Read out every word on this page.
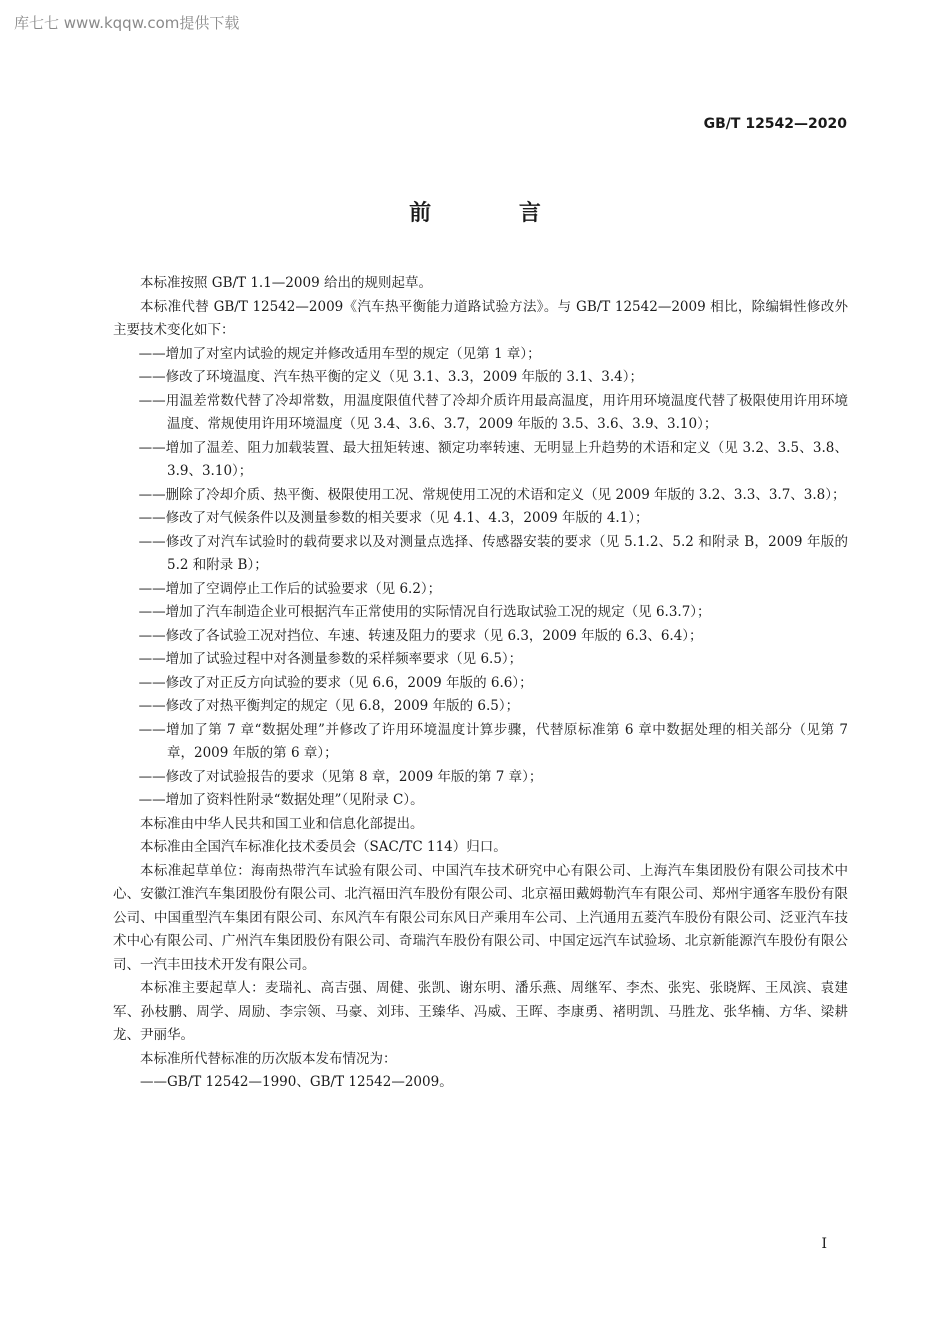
库七七 www.kqqw.com提供下载
GB/T 12542—2020
前 言

本标准按照 GB/T 1.1—2009 给出的规则起草。

本标准代替 GB/T 12542—2009《汽车热平衡能力道路试验方法》。与 GB/T 12542—2009 相比，除编辑性修改外主要技术变化如下：

——增加了对室内试验的规定并修改适用车型的规定（见第 1 章）；

——修改了环境温度、汽车热平衡的定义（见 3.1、3.3，2009 年版的 3.1、3.4）；

——用温差常数代替了冷却常数，用温度限值代替了冷却介质许用最高温度，用许用环境温度代替了极限使用许用环境温度、常规使用许用环境温度（见 3.4、3.6、3.7，2009 年版的 3.5、3.6、3.9、3.10）；

——增加了温差、阻力加载装置、最大扭矩转速、额定功率转速、无明显上升趋势的术语和定义（见 3.2、3.5、3.8、3.9、3.10）；

——删除了冷却介质、热平衡、极限使用工况、常规使用工况的术语和定义（见 2009 年版的 3.2、3.3、3.7、3.8）；

——修改了对气候条件以及测量参数的相关要求（见 4.1、4.3，2009 年版的 4.1）；

——修改了对汽车试验时的载荷要求以及对测量点选择、传感器安装的要求（见 5.1.2、5.2 和附录 B，2009 年版的 5.2 和附录 B）；

——增加了空调停止工作后的试验要求（见 6.2）；

——增加了汽车制造企业可根据汽车正常使用的实际情况自行选取试验工况的规定（见 6.3.7）；

——修改了各试验工况对挡位、车速、转速及阻力的要求（见 6.3，2009 年版的 6.3、6.4）；

——增加了试验过程中对各测量参数的采样频率要求（见 6.5）；

——修改了对正反方向试验的要求（见 6.6，2009 年版的 6.6）；

——修改了对热平衡判定的规定（见 6.8，2009 年版的 6.5）；

——增加了第 7 章“数据处理”并修改了许用环境温度计算步骤，代替原标准第 6 章中数据处理的相关部分（见第 7 章，2009 年版的第 6 章）；

——修改了对试验报告的要求（见第 8 章，2009 年版的第 7 章）；

——增加了资料性附录“数据处理”（见附录 C）。

本标准由中华人民共和国工业和信息化部提出。

本标准由全国汽车标准化技术委员会（SAC/TC 114）归口。

本标准起草单位：海南热带汽车试验有限公司、中国汽车技术研究中心有限公司、上海汽车集团股份有限公司技术中心、安徽江淮汽车集团股份有限公司、北汽福田汽车股份有限公司、北京福田戴姆勒汽车有限公司、郑州宇通客车股份有限公司、中国重型汽车集团有限公司、东风汽车有限公司东风日产乘用车公司、上汽通用五菱汽车股份有限公司、泛亚汽车技术中心有限公司、广州汽车集团股份有限公司、奇瑞汽车股份有限公司、中国定远汽车试验场、北京新能源汽车股份有限公司、一汽丰田技术开发有限公司。

本标准主要起草人：麦瑞礼、高吉强、周健、张凯、谢东明、潘乐燕、周继军、李杰、张宪、张晓辉、王凤滨、袁建军、孙枝鹏、周学、周励、李宗领、马豪、刘玮、王臻华、冯威、王晖、李康勇、褚明凯、马胜龙、张华楠、方华、梁耕龙、尹丽华。

本标准所代替标准的历次版本发布情况为：

——GB/T 12542—1990、GB/T 12542—2009。

I
